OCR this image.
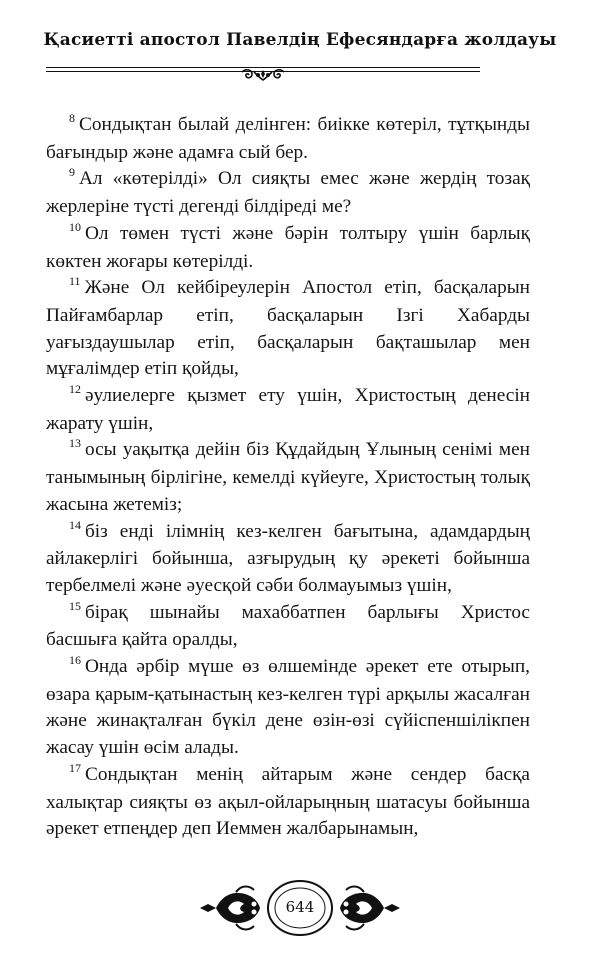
Қасиетті апостол Павелдің Ефесяндарға жолдауы

$^8$ Сондықтан былай делінген: биікке көтеріл, тұтқынды бағындыр және адамға сый бер.

$^9$ Ал «көтерілді» Ол сияқты емес және жердің тозақ жерлеріне түсті дегенді білдіреді ме?

$^{10}$ Ол төмен түсті және бәрін толтыру үшін барлық көктен жоғары көтерілді.

$^{11}$ Және Ол кейбіреулерін Апостол етіп, басқаларын Пайғамбарлар етіп, басқаларын Ізгі Хабарды уағыздаушылар етіп, басқаларын бақташылар мен мұғалімдер етіп қойды,

$^{12}$ әулиелерге қызмет ету үшін, Христостың денесін жарату үшін,

$^{13}$ осы уақытқа дейін біз Құдайдың Ұлының сенімі мен танымының бірлігіне, кемелді күйеуге, Христостың толық жасына жетеміз;

$^{14}$ біз енді ілімнің кез-келген бағытына, адамдардың айлакерлігі бойынша, азғырудың қу әрекеті бойынша тербелмелі және әуесқой сәби болмауымыз үшін,

$^{15}$ бірақ шынайы махаббатпен барлығы Христос басшыға қайта оралды,

$^{16}$ Онда әрбір мүше өз өлшемінде әрекет ете отырып, өзара қарым-қатынастың кез-келген түрі арқылы жасалған және жинақталған бүкіл дене өзін-өзі сүйіспеншілікпен жасау үшін өсім алады.

$^{17}$ Сондықтан менің айтарым және сендер басқа халықтар сияқты өз ақыл-ойларыңның шатасуы бойынша әрекет етпеңдер деп Иеммен жалбарынамын,

644
